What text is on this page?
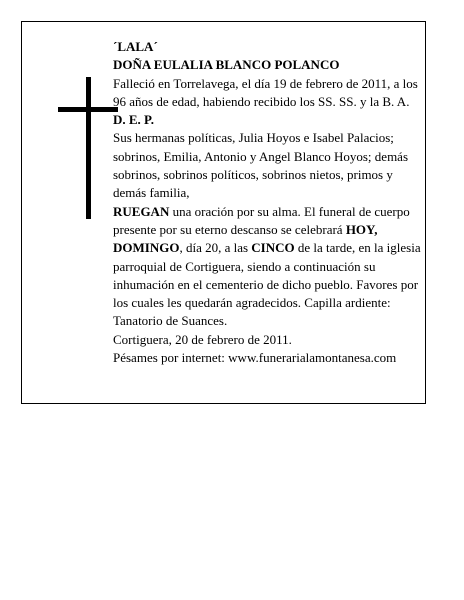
´LALA´

DOÑA EULALIA BLANCO POLANCO

Falleció en Torrelavega, el día 19 de febrero de 2011, a los 96 años de edad, habiendo recibido los SS. SS. y la B. A.

D. E. P.

Sus hermanas políticas, Julia Hoyos e Isabel Palacios; sobrinos, Emilia, Antonio y Angel Blanco Hoyos; demás sobrinos, sobrinos políticos, sobrinos nietos, primos y demás familia,

RUEGAN una oración por su alma. El funeral de cuerpo presente por su eterno descanso se celebrará HOY, DOMINGO, día 20, a las CINCO de la tarde, en la iglesia parroquial de Cortiguera, siendo a continuación su inhumación en el cementerio de dicho pueblo. Favores por los cuales les quedarán agradecidos. Capilla ardiente: Tanatorio de Suances.

Cortiguera, 20 de febrero de 2011.

Pésames por internet: www.funerarialamontanesa.com
